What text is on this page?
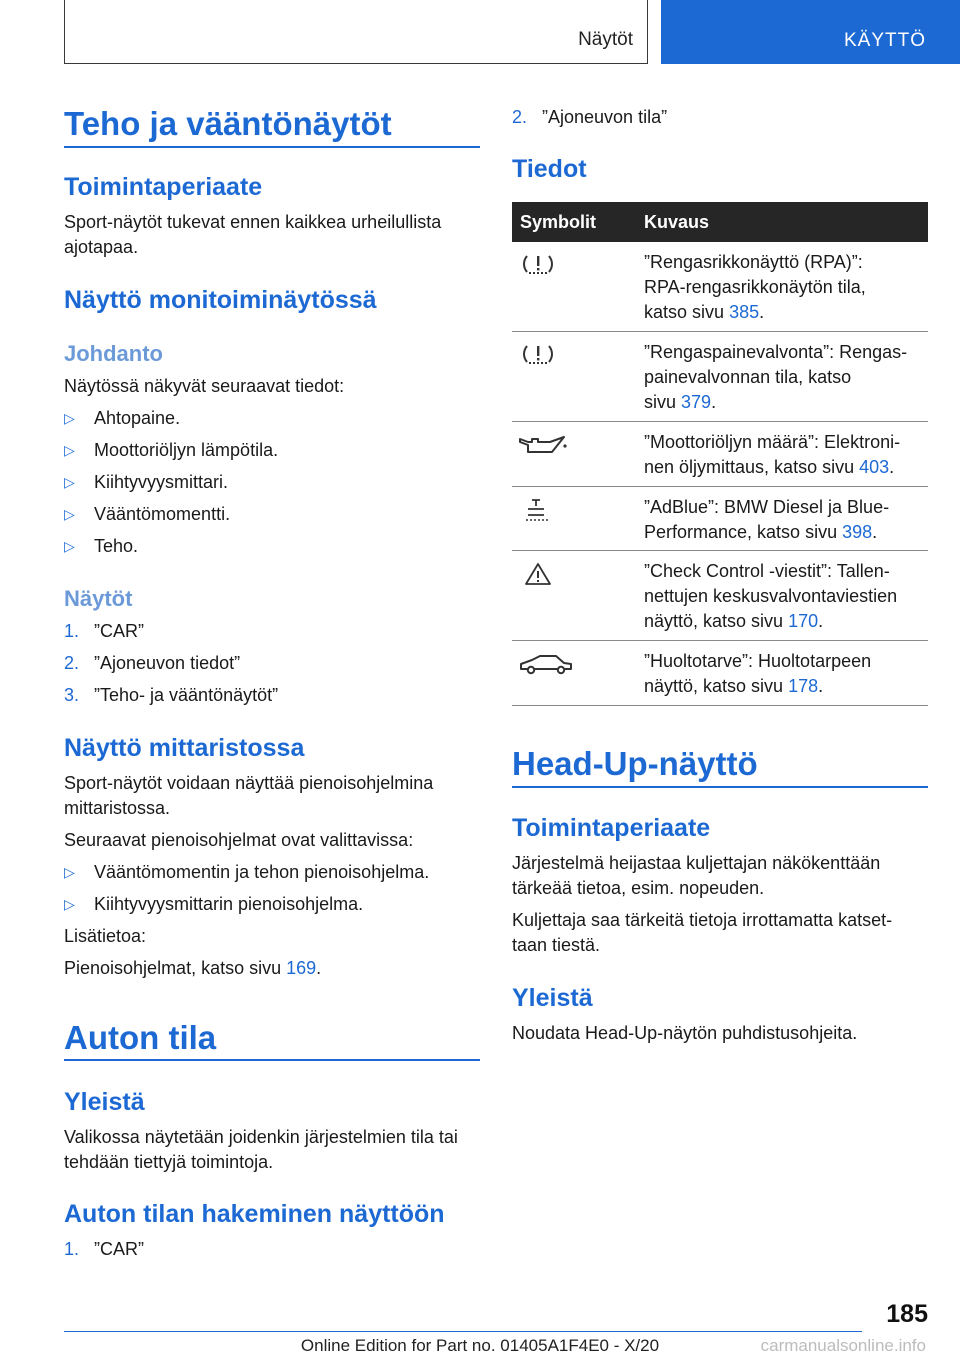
Näytöt	KÄYTTÖ
Teho ja vääntönäytöt
Toimintaperiaate
Sport-näytöt tukevat ennen kaikkea urheilullista
ajotapaa.
Näyttö monitoiminäytössä
Johdanto
Näytössä näkyvät seuraavat tiedot:
▷ Ahtopaine.
▷ Moottoriöljyn lämpötila.
▷ Kiihtyvyysmittari.
▷ Vääntömomentti.
▷ Teho.
Näytöt
1. ”CAR”
2. ”Ajoneuvon tiedot”
3. ”Teho- ja vääntönäytöt”
Näyttö mittaristossa
Sport-näytöt voidaan näyttää pienoisohjelmina
mittaristossa.
Seuraavat pienoisohjelmat ovat valittavissa:
▷ Vääntömomentin ja tehon pienoisohjelma.
▷ Kiihtyvyysmittarin pienoisohjelma.
Lisätietoa:
Pienoisohjelmat, katso sivu 169.
Auton tila
Yleistä
Valikossa näytetään joidenkin järjestelmien tila tai
tehdään tiettyjä toimintoja.
Auton tilan hakeminen näyttöön
1. ”CAR”
2. ”Ajoneuvon tila”
Tiedot
Symbolit	Kuvaus
”Rengasrikkonäyttö (RPA)”:
RPA-rengasrikkonäytön tila,
katso sivu 385.
”Rengaspainevalvonta”: Rengas-
painevalvonnan tila, katso
sivu 379.
”Moottoriöljyn määrä”: Elektroni-
nen öljymittaus, katso sivu 403.
”AdBlue”: BMW Diesel ja Blue-
Performance, katso sivu 398.
”Check Control -viestit”: Tallen-
nettujen keskusvalvontaviestien
näyttö, katso sivu 170.
”Huoltotarve”: Huoltotarpeen
näyttö, katso sivu 178.
Head-Up-näyttö
Toimintaperiaate
Järjestelmä heijastaa kuljettajan näkökenttään
tärkeää tietoa, esim. nopeuden.
Kuljettaja saa tärkeitä tietoja irrottamatta katset-
taan tiestä.
Yleistä
Noudata Head-Up-näytön puhdistusohjeita.
185
Online Edition for Part no. 01405A1F4E0 - X/20	carmanualsonline.info
